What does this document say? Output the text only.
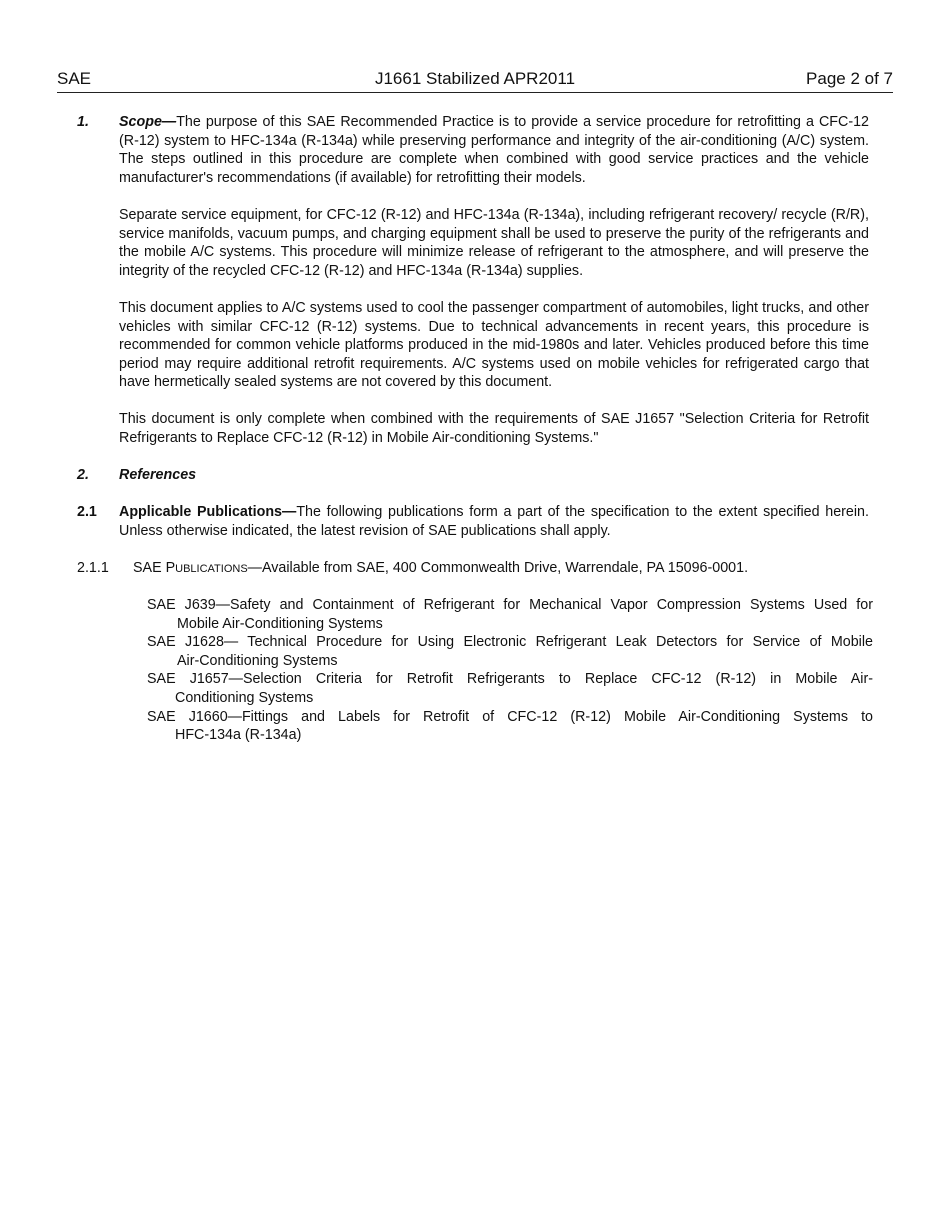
SAE	J1661 Stabilized APR2011	Page 2 of 7
1. Scope—The purpose of this SAE Recommended Practice is to provide a service procedure for retrofitting a CFC-12 (R-12) system to HFC-134a (R-134a) while preserving performance and integrity of the air-conditioning (A/C) system. The steps outlined in this procedure are complete when combined with good service practices and the vehicle manufacturer's recommendations (if available) for retrofitting their models.
Separate service equipment, for CFC-12 (R-12) and HFC-134a (R-134a), including refrigerant recovery/ recycle (R/R), service manifolds, vacuum pumps, and charging equipment shall be used to preserve the purity of the refrigerants and the mobile A/C systems. This procedure will minimize release of refrigerant to the atmosphere, and will preserve the integrity of the recycled CFC-12 (R-12) and HFC-134a (R-134a) supplies.
This document applies to A/C systems used to cool the passenger compartment of automobiles, light trucks, and other vehicles with similar CFC-12 (R-12) systems. Due to technical advancements in recent years, this procedure is recommended for common vehicle platforms produced in the mid-1980s and later. Vehicles produced before this time period may require additional retrofit requirements. A/C systems used on mobile vehicles for refrigerated cargo that have hermetically sealed systems are not covered by this document.
This document is only complete when combined with the requirements of SAE J1657 "Selection Criteria for Retrofit Refrigerants to Replace CFC-12 (R-12) in Mobile Air-conditioning Systems."
2. References
2.1 Applicable Publications—The following publications form a part of the specification to the extent specified herein. Unless otherwise indicated, the latest revision of SAE publications shall apply.
2.1.1 SAE PUBLICATIONS—Available from SAE, 400 Commonwealth Drive, Warrendale, PA 15096-0001.
SAE J639—Safety and Containment of Refrigerant for Mechanical Vapor Compression Systems Used for
Mobile Air-Conditioning Systems
SAE J1628— Technical Procedure for Using Electronic Refrigerant Leak Detectors for Service of Mobile
Air-Conditioning Systems
SAE J1657—Selection Criteria for Retrofit Refrigerants to Replace CFC-12 (R-12) in Mobile Air-
Conditioning Systems
SAE J1660—Fittings and Labels for Retrofit of CFC-12 (R-12) Mobile Air-Conditioning Systems to
HFC-134a (R-134a)
